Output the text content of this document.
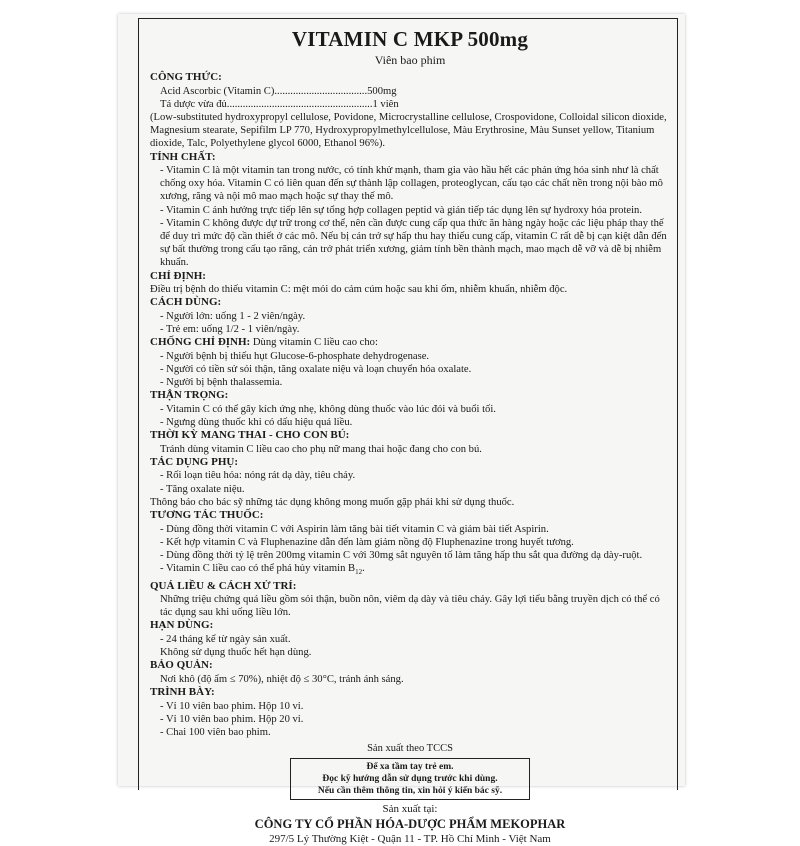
VITAMIN C MKP 500mg
Viên bao phim
CÔNG THỨC:
Acid Ascorbic (Vitamin C)...................................500mg
Tá dược vừa đủ.......................................................1 viên
(Low-substituted hydroxypropyl cellulose, Povidone, Microcrystalline cellulose, Crospovidone, Colloidal silicon dioxide, Magnesium stearate, Sepifilm LP 770, Hydroxypropylmethylcellulose, Màu Erythrosine, Màu Sunset yellow, Titanium dioxide, Talc, Polyethylene glycol 6000, Ethanol 96%).
TÍNH CHẤT:
- Vitamin C là một vitamin tan trong nước, có tính khử mạnh, tham gia vào hầu hết các phản ứng hóa sinh như là chất chống oxy hóa. Vitamin C có liên quan đến sự thành lập collagen, proteoglycan, cấu tạo các chất nền trong nội bào mô xương, răng và nội mô mao mạch hoặc sự thay thế mô.
- Vitamin C ảnh hưởng trực tiếp lên sự tổng hợp collagen peptid và gián tiếp tác dụng lên sự hydroxy hóa protein.
- Vitamin C không được dự trữ trong cơ thể, nên cần được cung cấp qua thức ăn hàng ngày hoặc các liệu pháp thay thế để duy trì mức độ cần thiết ở các mô. Nếu bị cản trở sự hấp thu hay thiếu cung cấp, vitamin C rất dễ bị cạn kiệt dẫn đến sự bất thường trong cấu tạo răng, cản trở phát triển xương, giảm tính bền thành mạch, mao mạch dễ vỡ và dễ bị nhiễm khuẩn.
CHỈ ĐỊNH:
Điều trị bệnh do thiếu vitamin C: mệt mỏi do cảm cúm hoặc sau khi ốm, nhiễm khuẩn, nhiễm độc.
CÁCH DÙNG:
- Người lớn: uống 1 - 2 viên/ngày.
- Trẻ em: uống 1/2 - 1 viên/ngày.
CHỐNG CHỈ ĐỊNH: Dùng vitamin C liều cao cho:
- Người bệnh bị thiếu hụt Glucose-6-phosphate dehydrogenase.
- Người có tiền sử sỏi thận, tăng oxalate niệu và loạn chuyển hóa oxalate.
- Người bị bệnh thalassemia.
THẬN TRỌNG:
- Vitamin C có thể gây kích ứng nhẹ, không dùng thuốc vào lúc đói và buổi tối.
- Ngưng dùng thuốc khi có dấu hiệu quá liều.
THỜI KỲ MANG THAI - CHO CON BÚ:
Tránh dùng vitamin C liều cao cho phụ nữ mang thai hoặc đang cho con bú.
TÁC DỤNG PHỤ:
- Rối loạn tiêu hóa: nóng rát dạ dày, tiêu chảy.
- Tăng oxalate niệu.
Thông báo cho bác sỹ những tác dụng không mong muốn gặp phải khi sử dụng thuốc.
TƯƠNG TÁC THUỐC:
- Dùng đồng thời vitamin C với Aspirin làm tăng bài tiết vitamin C và giảm bài tiết Aspirin.
- Kết hợp vitamin C và Fluphenazine dẫn đến làm giảm nồng độ Fluphenazine trong huyết tương.
- Dùng đồng thời tỷ lệ trên 200mg vitamin C với 30mg sắt nguyên tố làm tăng hấp thu sắt qua đường dạ dày-ruột.
- Vitamin C liều cao có thể phá hủy vitamin $B_{12}$.
QUÁ LIỀU & CÁCH XỬ TRÍ:
Những triệu chứng quá liều gồm sỏi thận, buồn nôn, viêm dạ dày và tiêu chảy. Gây lợi tiểu bằng truyền dịch có thể có tác dụng sau khi uống liều lớn.
HẠN DÙNG:
- 24 tháng kể từ ngày sản xuất.
Không sử dụng thuốc hết hạn dùng.
BẢO QUẢN:
Nơi khô (độ ẩm ≤ 70%), nhiệt độ ≤ 30°C, tránh ánh sáng.
TRÌNH BÀY:
- Vỉ 10 viên bao phim. Hộp 10 vỉ.
- Vỉ 10 viên bao phim. Hộp 20 vỉ.
- Chai 100 viên bao phim.
Sản xuất theo TCCS
Để xa tầm tay trẻ em.
Đọc kỹ hướng dẫn sử dụng trước khi dùng.
Nếu cần thêm thông tin, xin hỏi ý kiến bác sỹ.
Sản xuất tại:
CÔNG TY CỔ PHẦN HÓA-DƯỢC PHẨM MEKOPHAR
297/5 Lý Thường Kiệt - Quận 11 - TP. Hồ Chí Minh - Việt Nam
